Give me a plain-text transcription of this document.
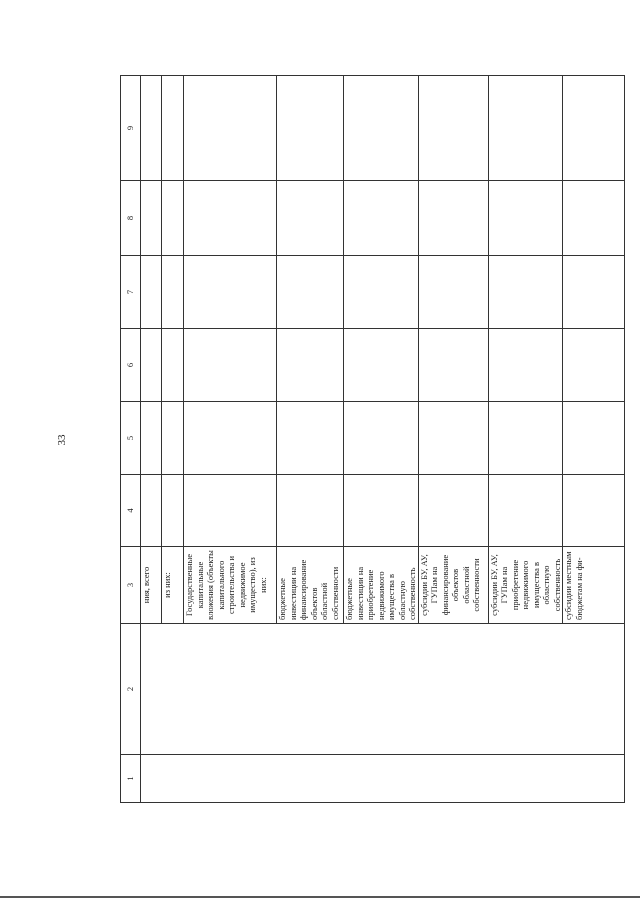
33
1	2	3	4	5	6	7	8	9
		ния, всего						
		из них:						
		Государственные капитальные вложения (объекты капитального строительства и недвижимое имущество), из них:						
		бюджетные инвестиции на финансирование объектов областной собственности						
		бюджетные инвестиции на приобретение недвижимого имущества в областную собственность						
		субсидии БУ, АУ, ГУПам на финансирование объектов областной собственности						
		субсидии БУ, АУ, ГУПам на приобретение недвижимого имущества в областную собственность						
		субсидии местным бюджетам на фи-						
